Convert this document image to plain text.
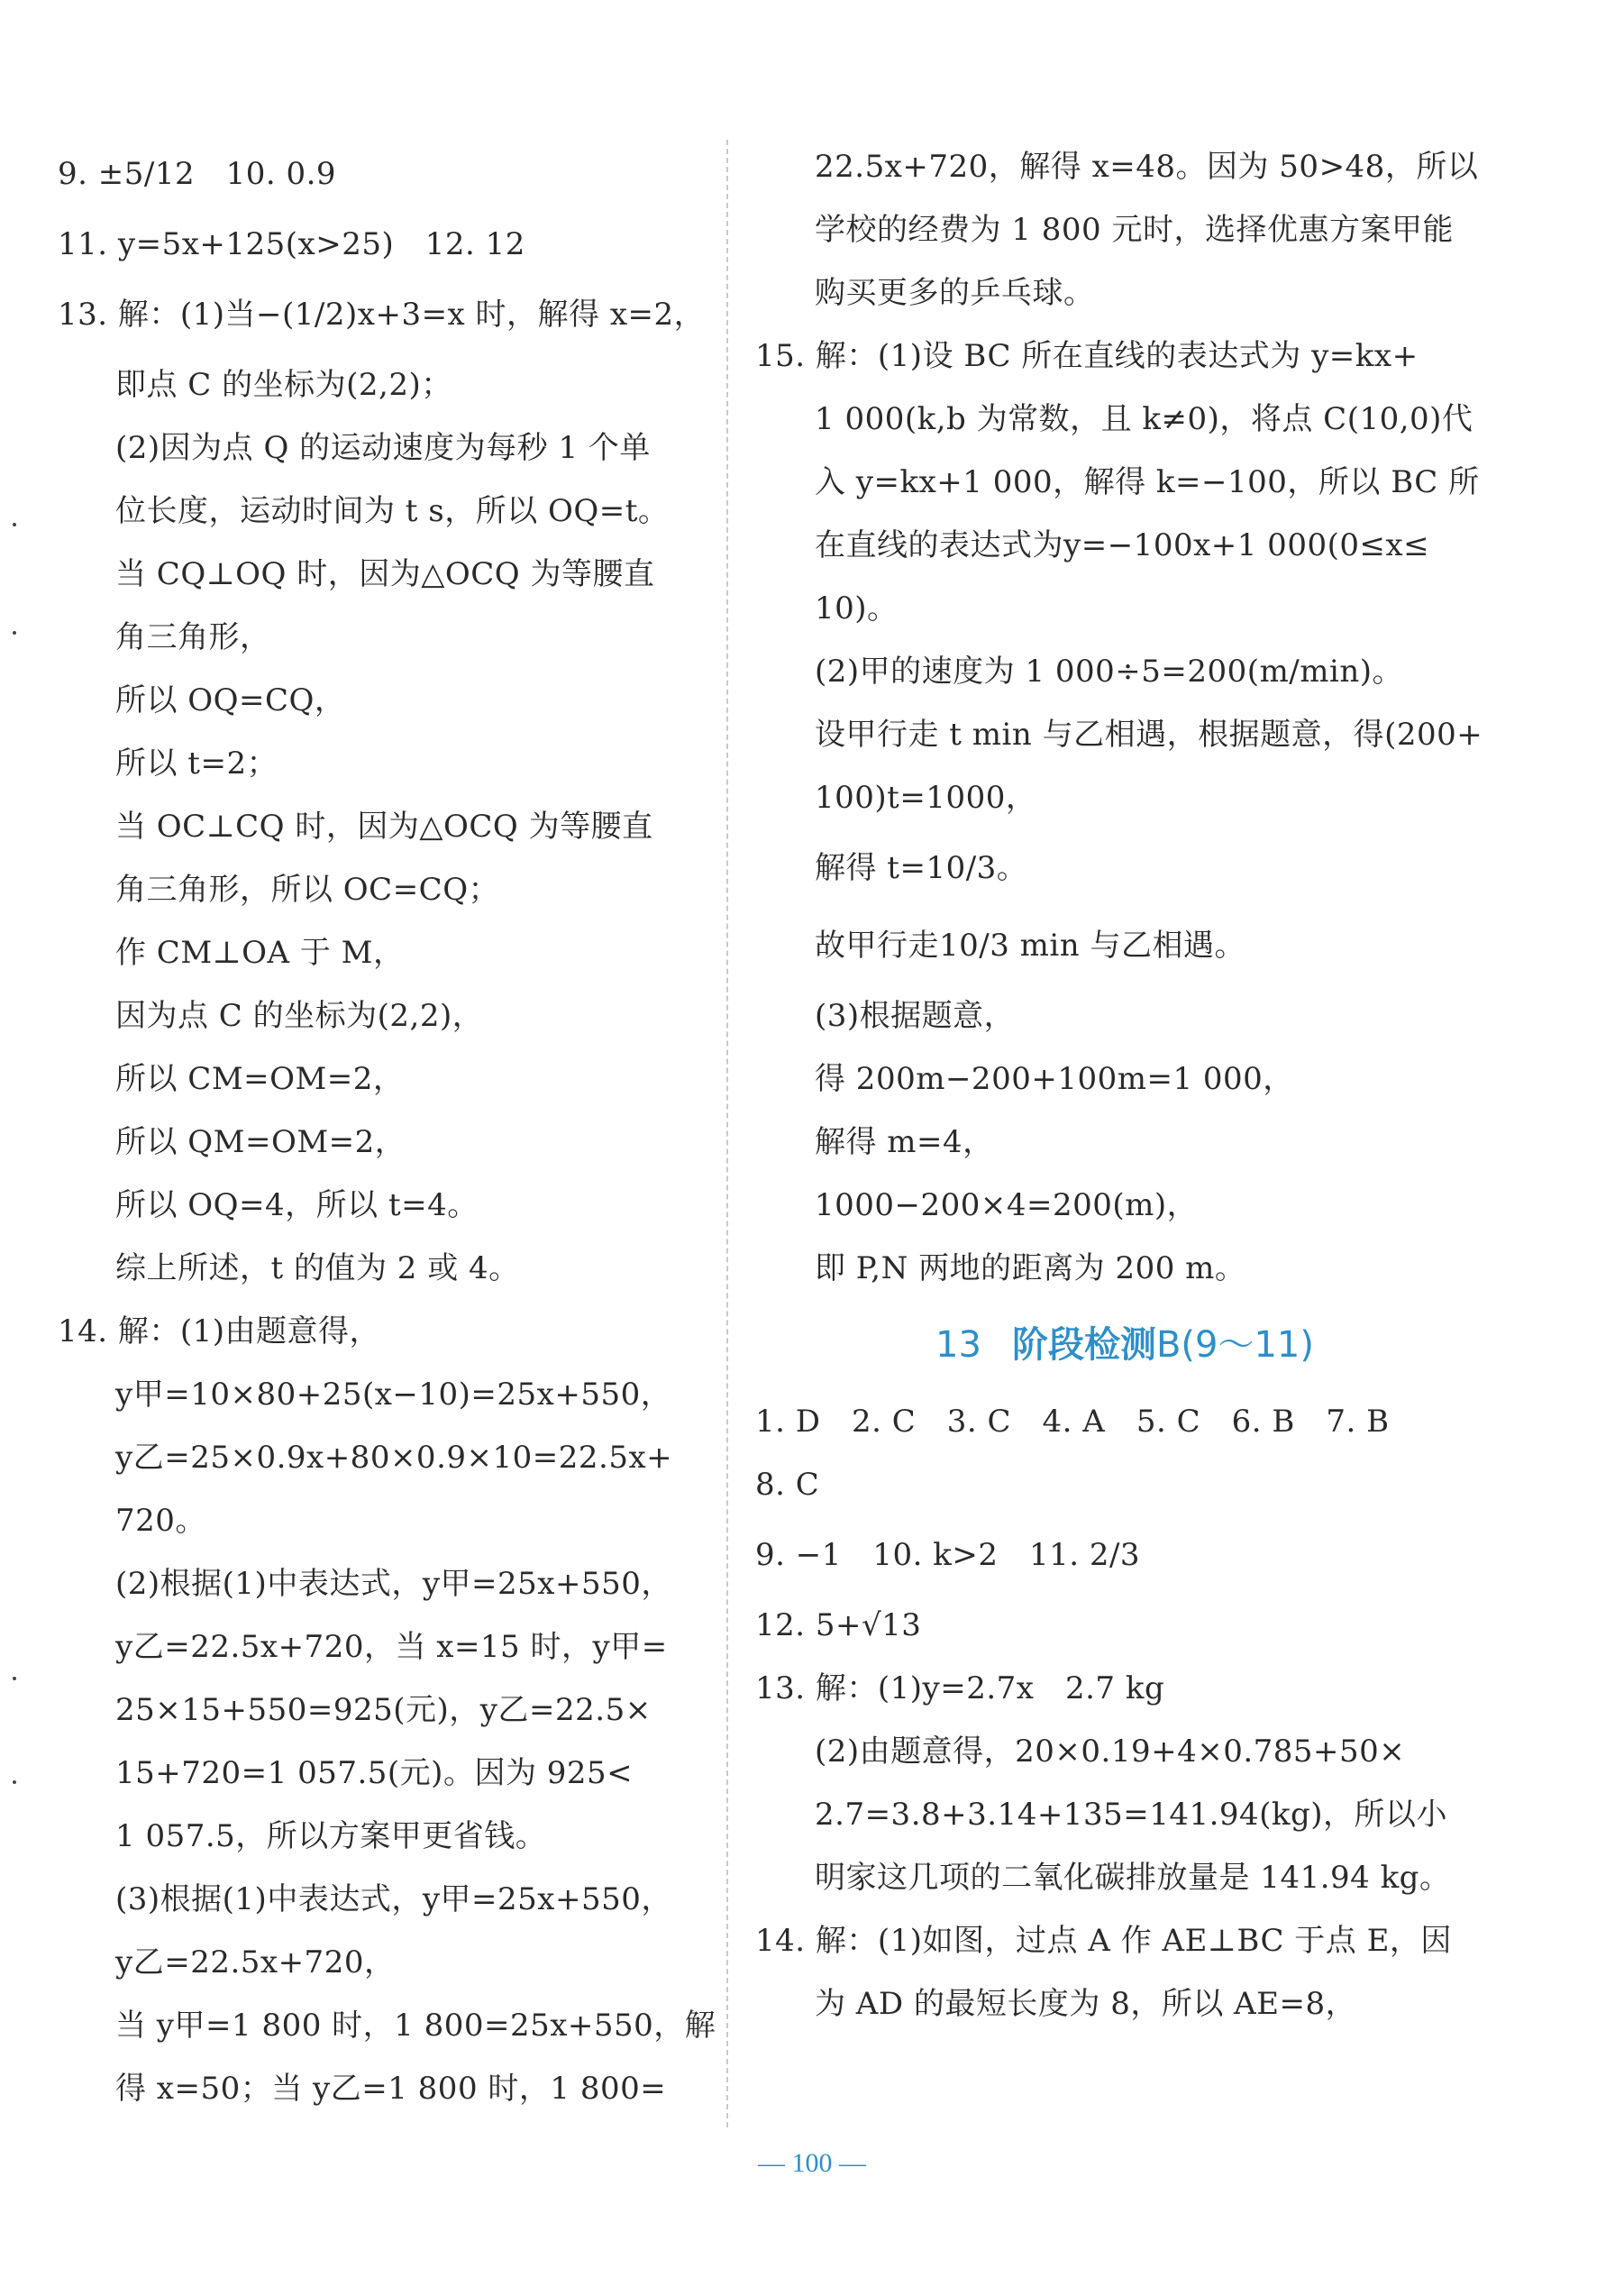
9. ±5/12　10. 0.9
11. y=5x+125(x>25)　12. 12
13. 解：(1)当−(1/2)x+3=x 时，解得 x=2，
即点 C 的坐标为(2,2)；
(2)因为点 Q 的运动速度为每秒 1 个单
位长度，运动时间为 t s，所以 OQ=t。
当 CQ⊥OQ 时，因为△OCQ 为等腰直
角三角形，
所以 OQ=CQ，
所以 t=2；
当 OC⊥CQ 时，因为△OCQ 为等腰直
角三角形，所以 OC=CQ；
作 CM⊥OA 于 M，
因为点 C 的坐标为(2,2)，
所以 CM=OM=2，
所以 QM=OM=2，
所以 OQ=4，所以 t=4。
综上所述，t 的值为 2 或 4。
14. 解：(1)由题意得，
y甲=10×80+25(x−10)=25x+550，
y乙=25×0.9x+80×0.9×10=22.5x+
720。
(2)根据(1)中表达式，y甲=25x+550，
y乙=22.5x+720，当 x=15 时，y甲=
25×15+550=925(元)，y乙=22.5×
15+720=1 057.5(元)。因为 925<
1 057.5，所以方案甲更省钱。
(3)根据(1)中表达式，y甲=25x+550，
y乙=22.5x+720，
当 y甲=1 800 时，1 800=25x+550，解
得 x=50；当 y乙=1 800 时，1 800=
22.5x+720，解得 x=48。因为 50>48，所以
学校的经费为 1 800 元时，选择优惠方案甲能
购买更多的乒乓球。
15. 解：(1)设 BC 所在直线的表达式为 y=kx+
1 000(k,b 为常数，且 k≠0)，将点 C(10,0)代
入 y=kx+1 000，解得 k=−100，所以 BC 所
在直线的表达式为y=−100x+1 000(0≤x≤
10)。
(2)甲的速度为 1 000÷5=200(m/min)。
设甲行走 t min 与乙相遇，根据题意，得(200+
100)t=1000，
解得 t=10/3。
故甲行走10/3 min 与乙相遇。
(3)根据题意，
得 200m−200+100m=1 000，
解得 m=4，
1000−200×4=200(m)，
即 P,N 两地的距离为 200 m。
13 阶段检测B(9～11)
1. D　2. C　3. C　4. A　5. C　6. B　7. B
8. C
9. −1　10. k>2　11. 2/3
12. 5+√13
13. 解：(1)y=2.7x　2.7 kg
(2)由题意得，20×0.19+4×0.785+50×
2.7=3.8+3.14+135=141.94(kg)，所以小
明家这几项的二氧化碳排放量是 141.94 kg。
14. 解：(1)如图，过点 A 作 AE⊥BC 于点 E，因
为 AD 的最短长度为 8，所以 AE=8，
— 100 —
